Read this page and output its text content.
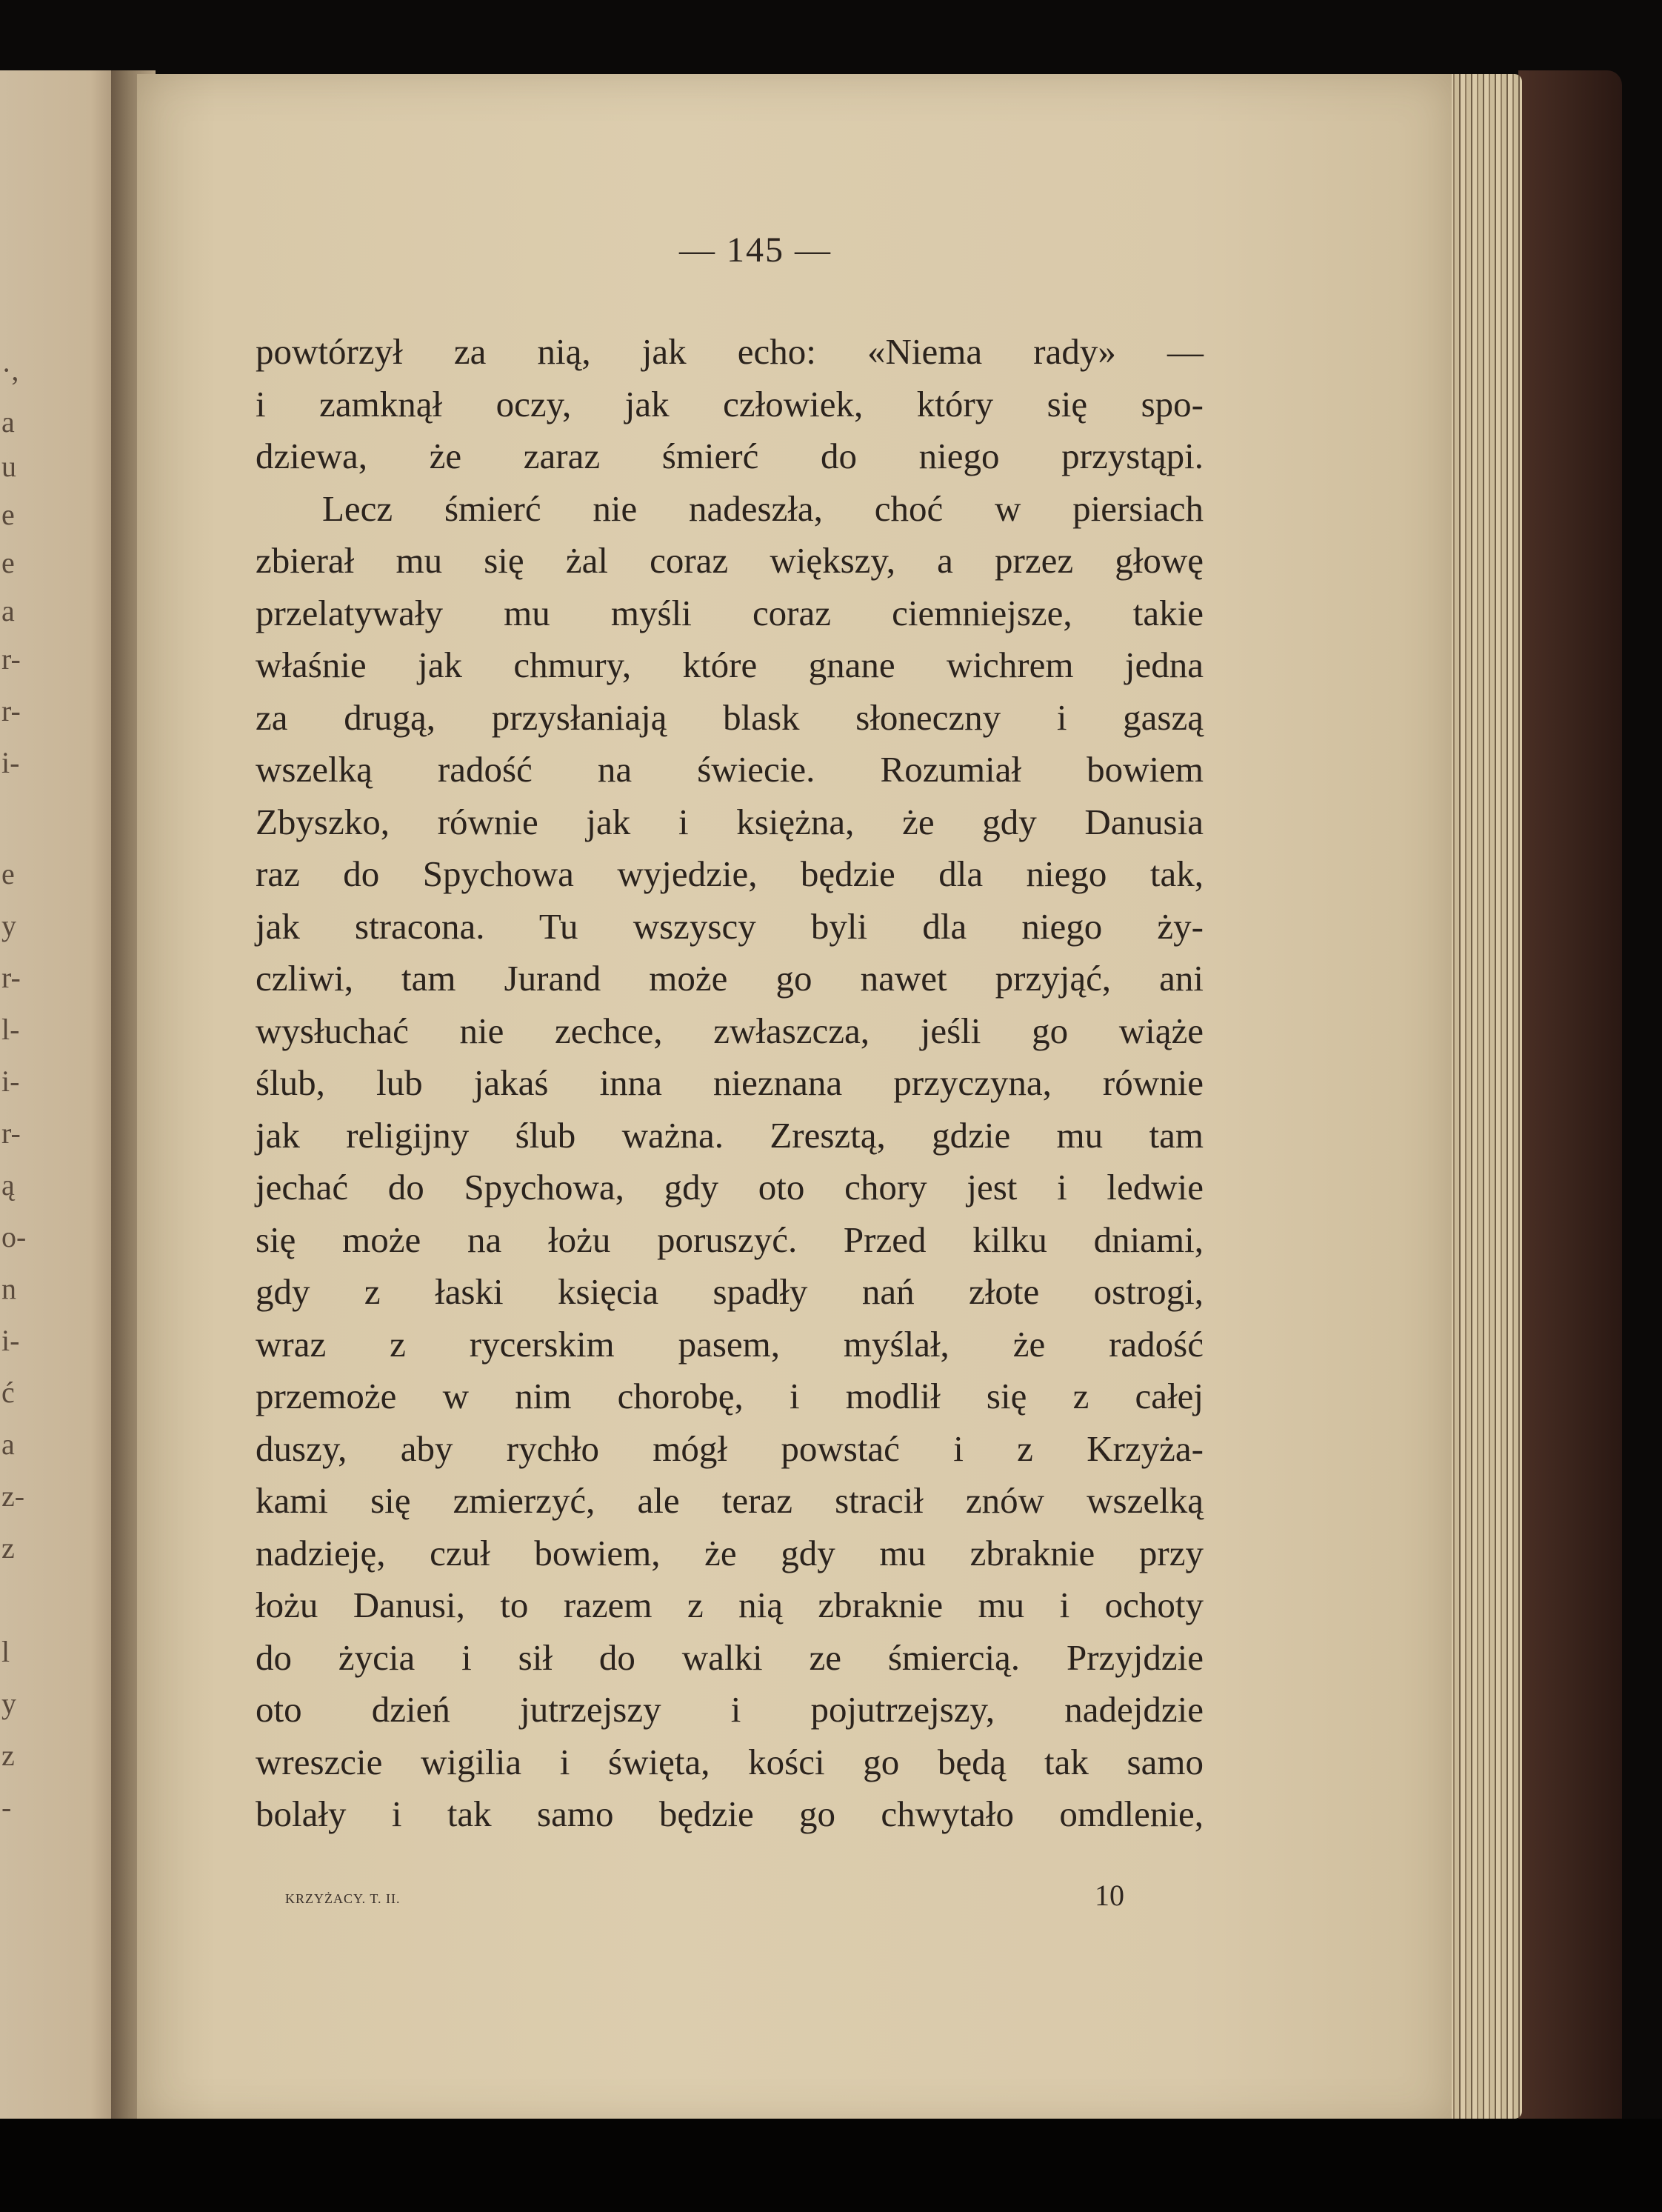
·,
a
u
e
e
a
r-
r-
i-
e
y
r-
l-
i-
r-
ą
o-
n
i-
ć
a
z-
z
l
y
z
-
— 145 —
powtórzył za nią, jak echo: «Niema rady» —
i zamknął oczy, jak człowiek, który się spo-
dziewa, że zaraz śmierć do niego przystąpi.
Lecz śmierć nie nadeszła, choć w piersiach
zbierał mu się żal coraz większy, a przez głowę
przelatywały mu myśli coraz ciemniejsze, takie
właśnie jak chmury, które gnane wichrem jedna
za drugą, przysłaniają blask słoneczny i gaszą
wszelką radość na świecie. Rozumiał bowiem
Zbyszko, równie jak i księżna, że gdy Danusia
raz do Spychowa wyjedzie, będzie dla niego tak,
jak stracona. Tu wszyscy byli dla niego ży-
czliwi, tam Jurand może go nawet przyjąć, ani
wysłuchać nie zechce, zwłaszcza, jeśli go wiąże
ślub, lub jakaś inna nieznana przyczyna, równie
jak religijny ślub ważna. Zresztą, gdzie mu tam
jechać do Spychowa, gdy oto chory jest i ledwie
się może na łożu poruszyć. Przed kilku dniami,
gdy z łaski księcia spadły nań złote ostrogi,
wraz z rycerskim pasem, myślał, że radość
przemoże w nim chorobę, i modlił się z całej
duszy, aby rychło mógł powstać i z Krzyża-
kami się zmierzyć, ale teraz stracił znów wszelką
nadzieję, czuł bowiem, że gdy mu zbraknie przy
łożu Danusi, to razem z nią zbraknie mu i ochoty
do życia i sił do walki ze śmiercią. Przyjdzie
oto dzień jutrzejszy i pojutrzejszy, nadejdzie
wreszcie wigilia i święta, kości go będą tak samo
bolały i tak samo będzie go chwytało omdlenie,
KRZYŻACY. T. II.	10
